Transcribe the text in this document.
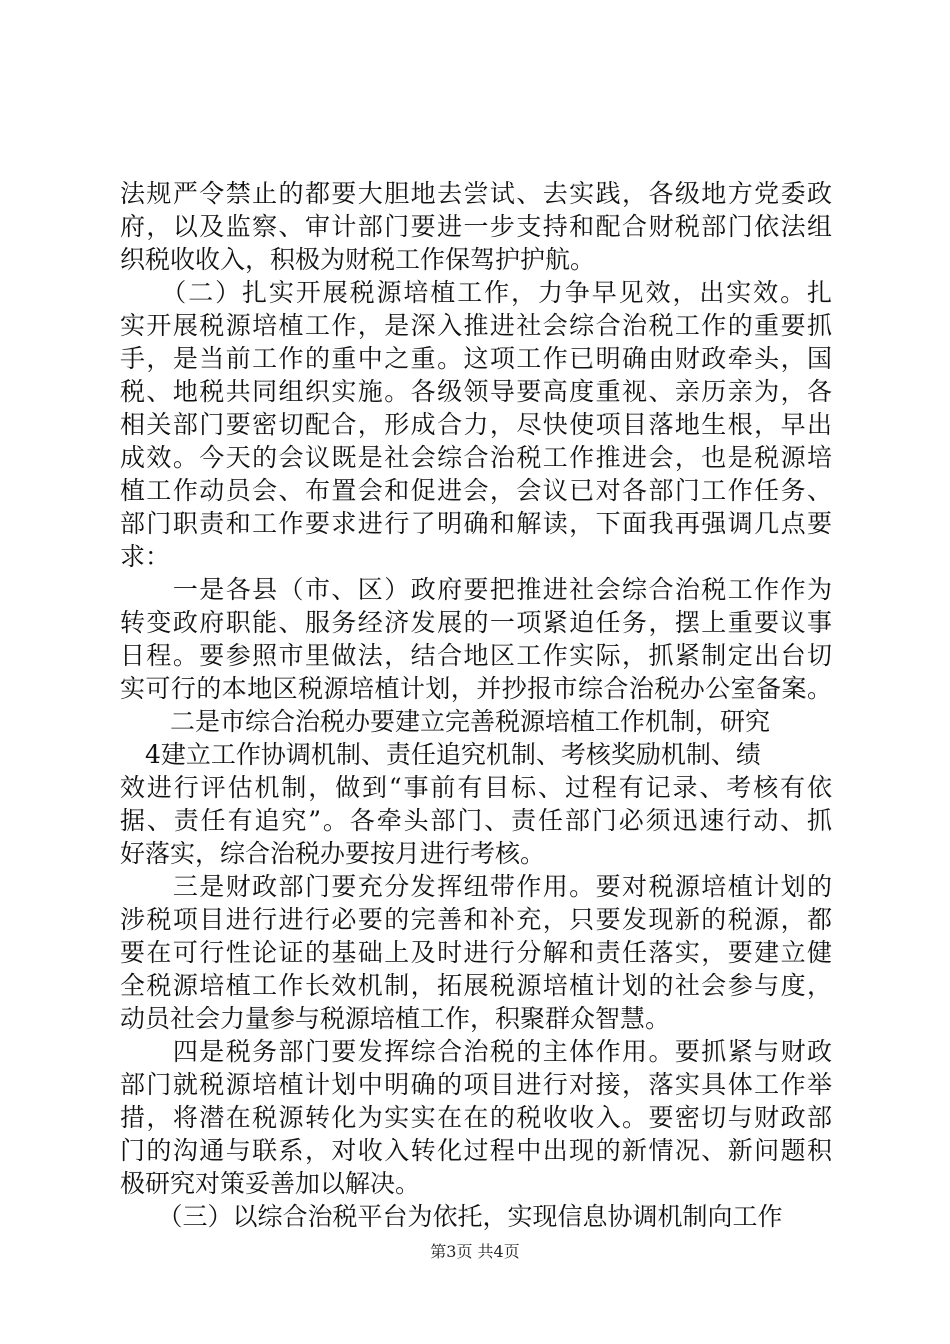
法规严令禁止的都要大胆地去尝试、去实践，各级地方党委政
府，以及监察、审计部门要进一步支持和配合财税部门依法组
织税收收入，积极为财税工作保驾护护航。
　　（二）扎实开展税源培植工作，力争早见效，出实效。扎
实开展税源培植工作，是深入推进社会综合治税工作的重要抓
手，是当前工作的重中之重。这项工作已明确由财政牵头，国
税、地税共同组织实施。各级领导要高度重视、亲历亲为，各
相关部门要密切配合，形成合力，尽快使项目落地生根，早出
成效。今天的会议既是社会综合治税工作推进会，也是税源培
植工作动员会、布置会和促进会，会议已对各部门工作任务、
部门职责和工作要求进行了明确和解读，下面我再强调几点要
求：
　　一是各县（市、区）政府要把推进社会综合治税工作作为
转变政府职能、服务经济发展的一项紧迫任务，摆上重要议事
日程。要参照市里做法，结合地区工作实际，抓紧制定出台切
实可行的本地区税源培植计划，并抄报市综合治税办公室备案。
　　二是市综合治税办要建立完善税源培植工作机制，研究
　4建立工作协调机制、责任追究机制、考核奖励机制、绩
效进行评估机制，做到“事前有目标、过程有记录、考核有依
据、责任有追究”。各牵头部门、责任部门必须迅速行动、抓
好落实，综合治税办要按月进行考核。
　　三是财政部门要充分发挥纽带作用。要对税源培植计划的
涉税项目进行进行必要的完善和补充，只要发现新的税源，都
要在可行性论证的基础上及时进行分解和责任落实，要建立健
全税源培植工作长效机制，拓展税源培植计划的社会参与度，
动员社会力量参与税源培植工作，积聚群众智慧。
　　四是税务部门要发挥综合治税的主体作用。要抓紧与财政
部门就税源培植计划中明确的项目进行对接，落实具体工作举
措，将潜在税源转化为实实在在的税收收入。要密切与财政部
门的沟通与联系，对收入转化过程中出现的新情况、新问题积
极研究对策妥善加以解决。
　　（三）以综合治税平台为依托，实现信息协调机制向工作
第3页 共4页
